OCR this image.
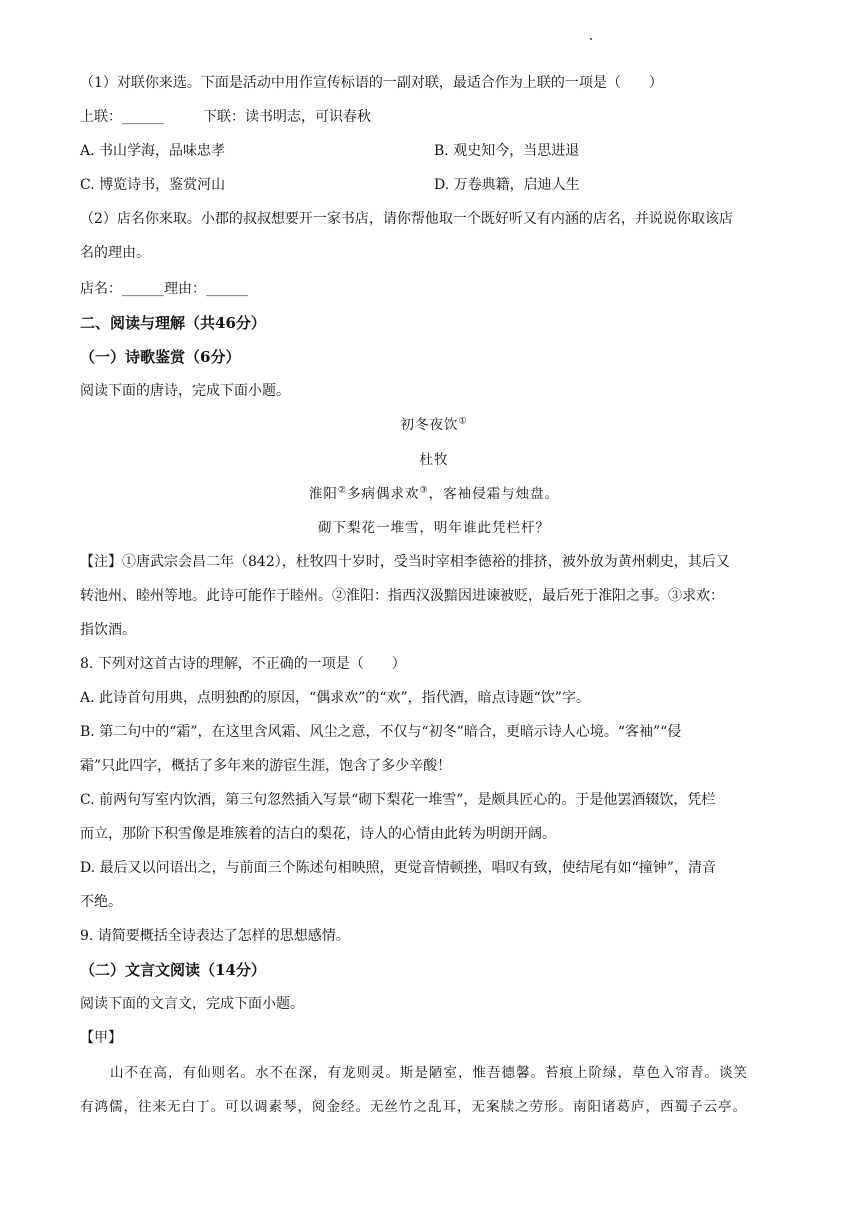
（1）对联你来选。下面是活动中用作宣传标语的一副对联，最适合作为上联的一项是（　　）
上联：______	下联：读书明志，可识春秋
A. 书山学海，品味忠孝	B. 观史知今，当思进退
C. 博览诗书，鉴赏河山	D. 万卷典籍，启迪人生
（2）店名你来取。小郡的叔叔想要开一家书店，请你帮他取一个既好听又有内涵的店名，并说说你取该店
名的理由。
店名：______理由：______
二、阅读与理解（共46分）
（一）诗歌鉴赏（6分）
阅读下面的唐诗，完成下面小题。
初冬夜饮①
杜牧
淮阳②多病偶求欢③，客袖侵霜与烛盘。
砌下梨花一堆雪，明年谁此凭栏杆？
【注】①唐武宗会昌二年（842），杜牧四十岁时，受当时宰相李德裕的排挤，被外放为黄州刺史，其后又
转池州、睦州等地。此诗可能作于睦州。②淮阳：指西汉汲黯因进谏被贬，最后死于淮阳之事。③求欢：
指饮酒。
8. 下列对这首古诗的理解，不正确的一项是（　　）
A. 此诗首句用典，点明独酌的原因，“偶求欢”的“欢”，指代酒，暗点诗题“饮”字。
B. 第二句中的“霜”，在这里含风霜、风尘之意，不仅与“初冬”暗合，更暗示诗人心境。“客袖”“侵
霜”只此四字，概括了多年来的游宦生涯，饱含了多少辛酸！
C. 前两句写室内饮酒，第三句忽然插入写景“砌下梨花一堆雪”，是颇具匠心的。于是他罢酒辍饮，凭栏
而立，那阶下积雪像是堆簇着的洁白的梨花，诗人的心情由此转为明朗开阔。
D. 最后又以问语出之，与前面三个陈述句相映照，更觉音情顿挫，唱叹有致，使结尾有如“撞钟”，清音
不绝。
9. 请简要概括全诗表达了怎样的思想感情。
（二）文言文阅读（14分）
阅读下面的文言文，完成下面小题。
【甲】
山不在高，有仙则名。水不在深，有龙则灵。斯是陋室，惟吾德馨。苔痕上阶绿，草色入帘青。谈笑
有鸿儒，往来无白丁。可以调素琴，阅金经。无丝竹之乱耳，无案牍之劳形。南阳诸葛庐，西蜀子云亭。
